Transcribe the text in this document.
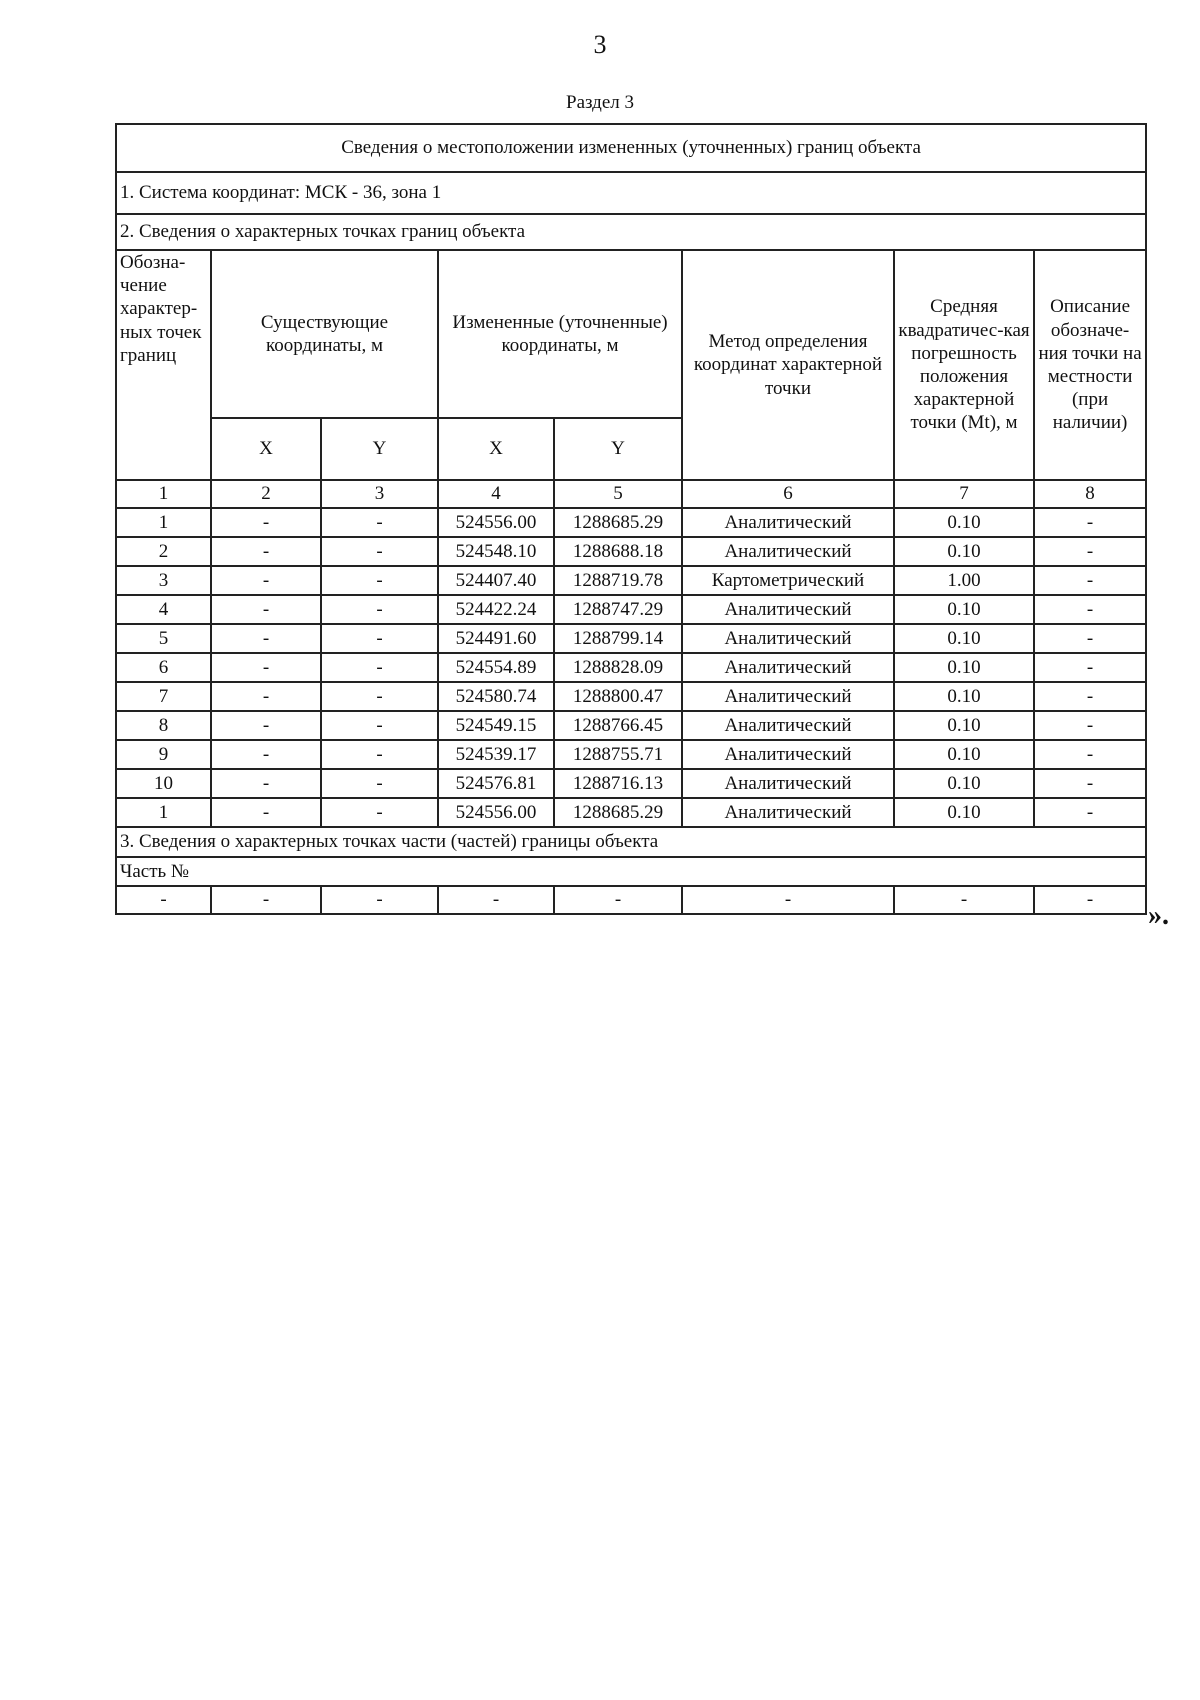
3
Раздел 3
Сведения о местоположении измененных (уточненных) границ объекта							
1. Система координат: МСК - 36, зона 1							
2. Сведения о характерных точках границ объекта							
Обозна-чение характер-ных точек границ	Существующие координаты, м		Измененные (уточненные) координаты, м		Метод определения координат характерной точки	Средняя квадратичес-кая погрешность положения характерной точки (Mt), м	Описание обозначе-ния точки на местности (при наличии)
	X	Y	X	Y			
1	2	3	4	5	6	7	8
1	-	-	524556.00	1288685.29	Аналитический	0.10	-
2	-	-	524548.10	1288688.18	Аналитический	0.10	-
3	-	-	524407.40	1288719.78	Картометрический	1.00	-
4	-	-	524422.24	1288747.29	Аналитический	0.10	-
5	-	-	524491.60	1288799.14	Аналитический	0.10	-
6	-	-	524554.89	1288828.09	Аналитический	0.10	-
7	-	-	524580.74	1288800.47	Аналитический	0.10	-
8	-	-	524549.15	1288766.45	Аналитический	0.10	-
9	-	-	524539.17	1288755.71	Аналитический	0.10	-
10	-	-	524576.81	1288716.13	Аналитический	0.10	-
1	-	-	524556.00	1288685.29	Аналитический	0.10	-
3. Сведения о характерных точках части (частей) границы объекта							
Часть №							
-	-	-	-	-	-	-	-
».
